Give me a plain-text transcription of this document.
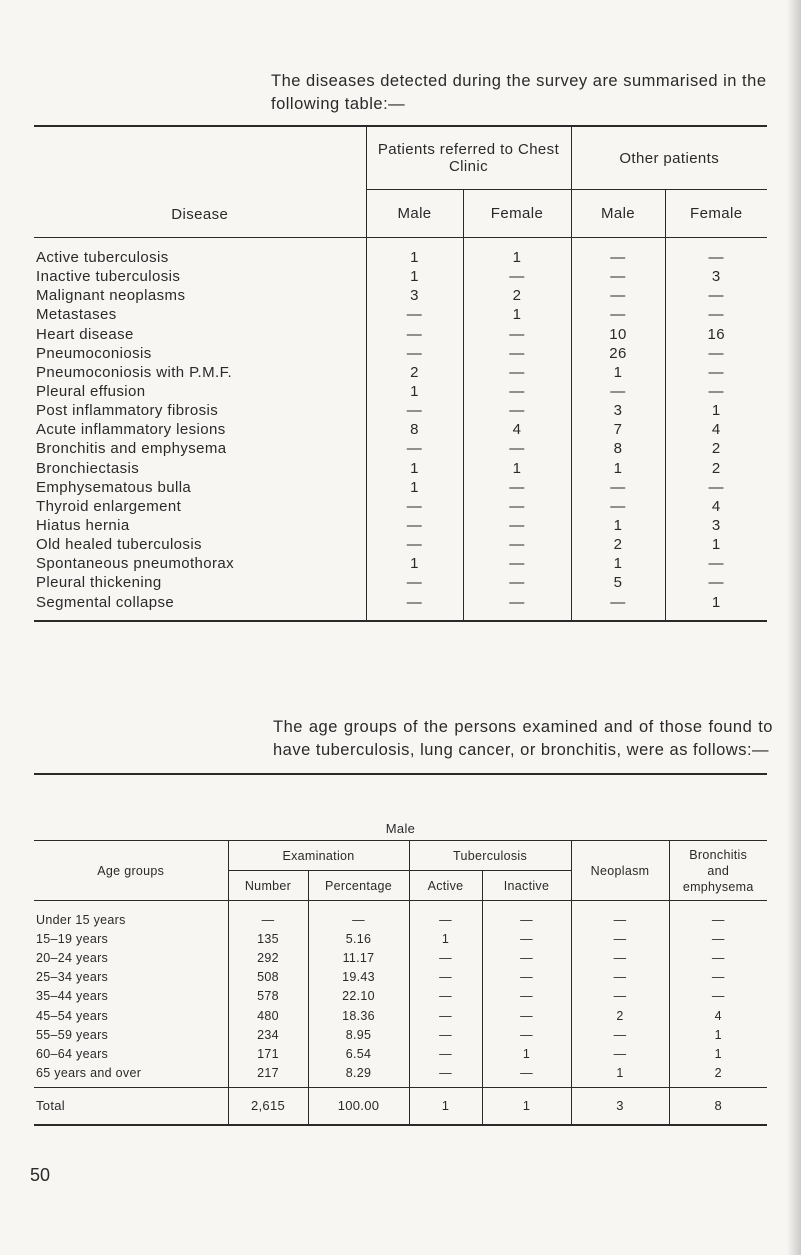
The diseases detected during the survey are summarised in the following table:—

Disease	Patients referred to Chest Clinic		Other patients	
	Male	Female	Male	Female
Active tuberculosis	1	1	—	—
Inactive tuberculosis	1	—	—	3
Malignant neoplasms	3	2	—	—
Metastases	—	1	—	—
Heart disease	—	—	10	16
Pneumoconiosis	—	—	26	—
Pneumoconiosis with P.M.F.	2	—	1	—
Pleural effusion	1	—	—	—
Post inflammatory fibrosis	—	—	3	1
Acute inflammatory lesions	8	4	7	4
Bronchitis and emphysema	—	—	8	2
Bronchiectasis	1	1	1	2
Emphysematous bulla	1	—	—	—
Thyroid enlargement	—	—	—	4
Hiatus hernia	—	—	1	3
Old healed tuberculosis	—	—	2	1
Spontaneous pneumothorax	1	—	1	—
Pleural thickening	—	—	5	—
Segmental collapse	—	—	—	1

The age groups of the persons examined and of those found to have tuberculosis, lung cancer, or bronchitis, were as follows:—

Male						
Age groups	Examination		Tuberculosis		Neoplasm	Bronchitis and emphysema
	Number	Percentage	Active	Inactive		
Under 15 years	—	—	—	—	—	—
15–19 years	135	5.16	1	—	—	—
20–24 years	292	11.17	—	—	—	—
25–34 years	508	19.43	—	—	—	—
35–44 years	578	22.10	—	—	—	—
45–54 years	480	18.36	—	—	2	4
55–59 years	234	8.95	—	—	—	1
60–64 years	171	6.54	—	1	—	1
65 years and over	217	8.29	—	—	1	2
Total	2,615	100.00	1	1	3	8
50
